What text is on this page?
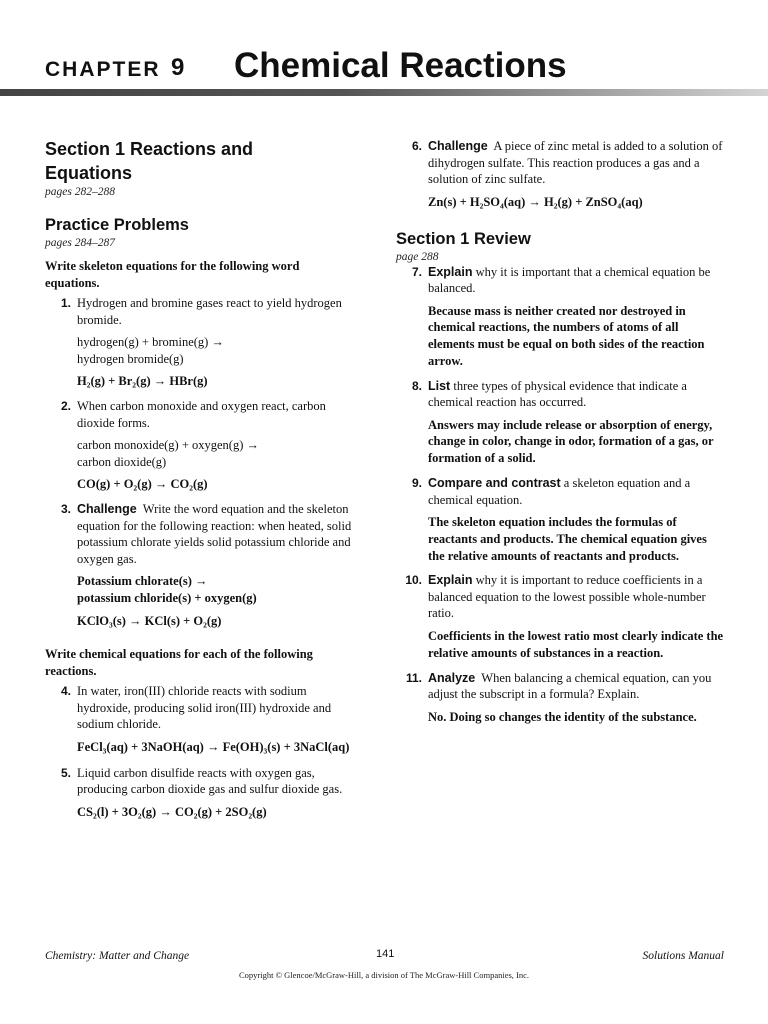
CHAPTER 9 Chemical Reactions

Section 1 Reactions and

Equations

pages 282–288

Practice Problems

pages 284–287

Write skeleton equations for the following word equations.

1. Hydrogen and bromine gases react to yield hydrogen bromide.

hydrogen(g) + bromine(g) →

hydrogen bromide(g)

H₂(g) + Br₂(g) → HBr(g)

2. When carbon monoxide and oxygen react, carbon dioxide forms.

carbon monoxide(g) + oxygen(g) →

carbon dioxide(g)

CO(g) + O₂(g) → CO₂(g)

3. Challenge Write the word equation and the skeleton equation for the following reaction: when heated, solid potassium chlorate yields solid potassium chloride and oxygen gas.

Potassium chlorate(s) →

potassium chloride(s) + oxygen(g)

KClO₃(s) → KCl(s) + O₂(g)

Write chemical equations for each of the following reactions.

4. In water, iron(III) chloride reacts with sodium hydroxide, producing solid iron(III) hydroxide and sodium chloride.

FeCl₃(aq) + 3NaOH(aq) → Fe(OH)₃(s) + 3NaCl(aq)

5. Liquid carbon disulfide reacts with oxygen gas, producing carbon dioxide gas and sulfur dioxide gas.

CS₂(l) + 3O₂(g) → CO₂(g) + 2SO₂(g)

6. Challenge A piece of zinc metal is added to a solution of dihydrogen sulfate. This reaction produces a gas and a solution of zinc sulfate.

Zn(s) + H₂SO₄(aq) → H₂(g) + ZnSO₄(aq)

Section 1 Review

page 288

7. Explain why it is important that a chemical equation be balanced.

Because mass is neither created nor destroyed in chemical reactions, the numbers of atoms of all elements must be equal on both sides of the reaction arrow.

8. List three types of physical evidence that indicate a chemical reaction has occurred.

Answers may include release or absorption of energy, change in color, change in odor, formation of a gas, or formation of a solid.

9. Compare and contrast a skeleton equation and a chemical equation.

The skeleton equation includes the formulas of reactants and products. The chemical equation gives the relative amounts of reactants and products.

10. Explain why it is important to reduce coefficients in a balanced equation to the lowest possible whole-number ratio.

Coefficients in the lowest ratio most clearly indicate the relative amounts of substances in a reaction.

11. Analyze When balancing a chemical equation, can you adjust the subscript in a formula? Explain.

No. Doing so changes the identity of the substance.

Chemistry: Matter and Change	141	Solutions Manual
Copyright © Glencoe/McGraw-Hill, a division of The McGraw-Hill Companies, Inc.
